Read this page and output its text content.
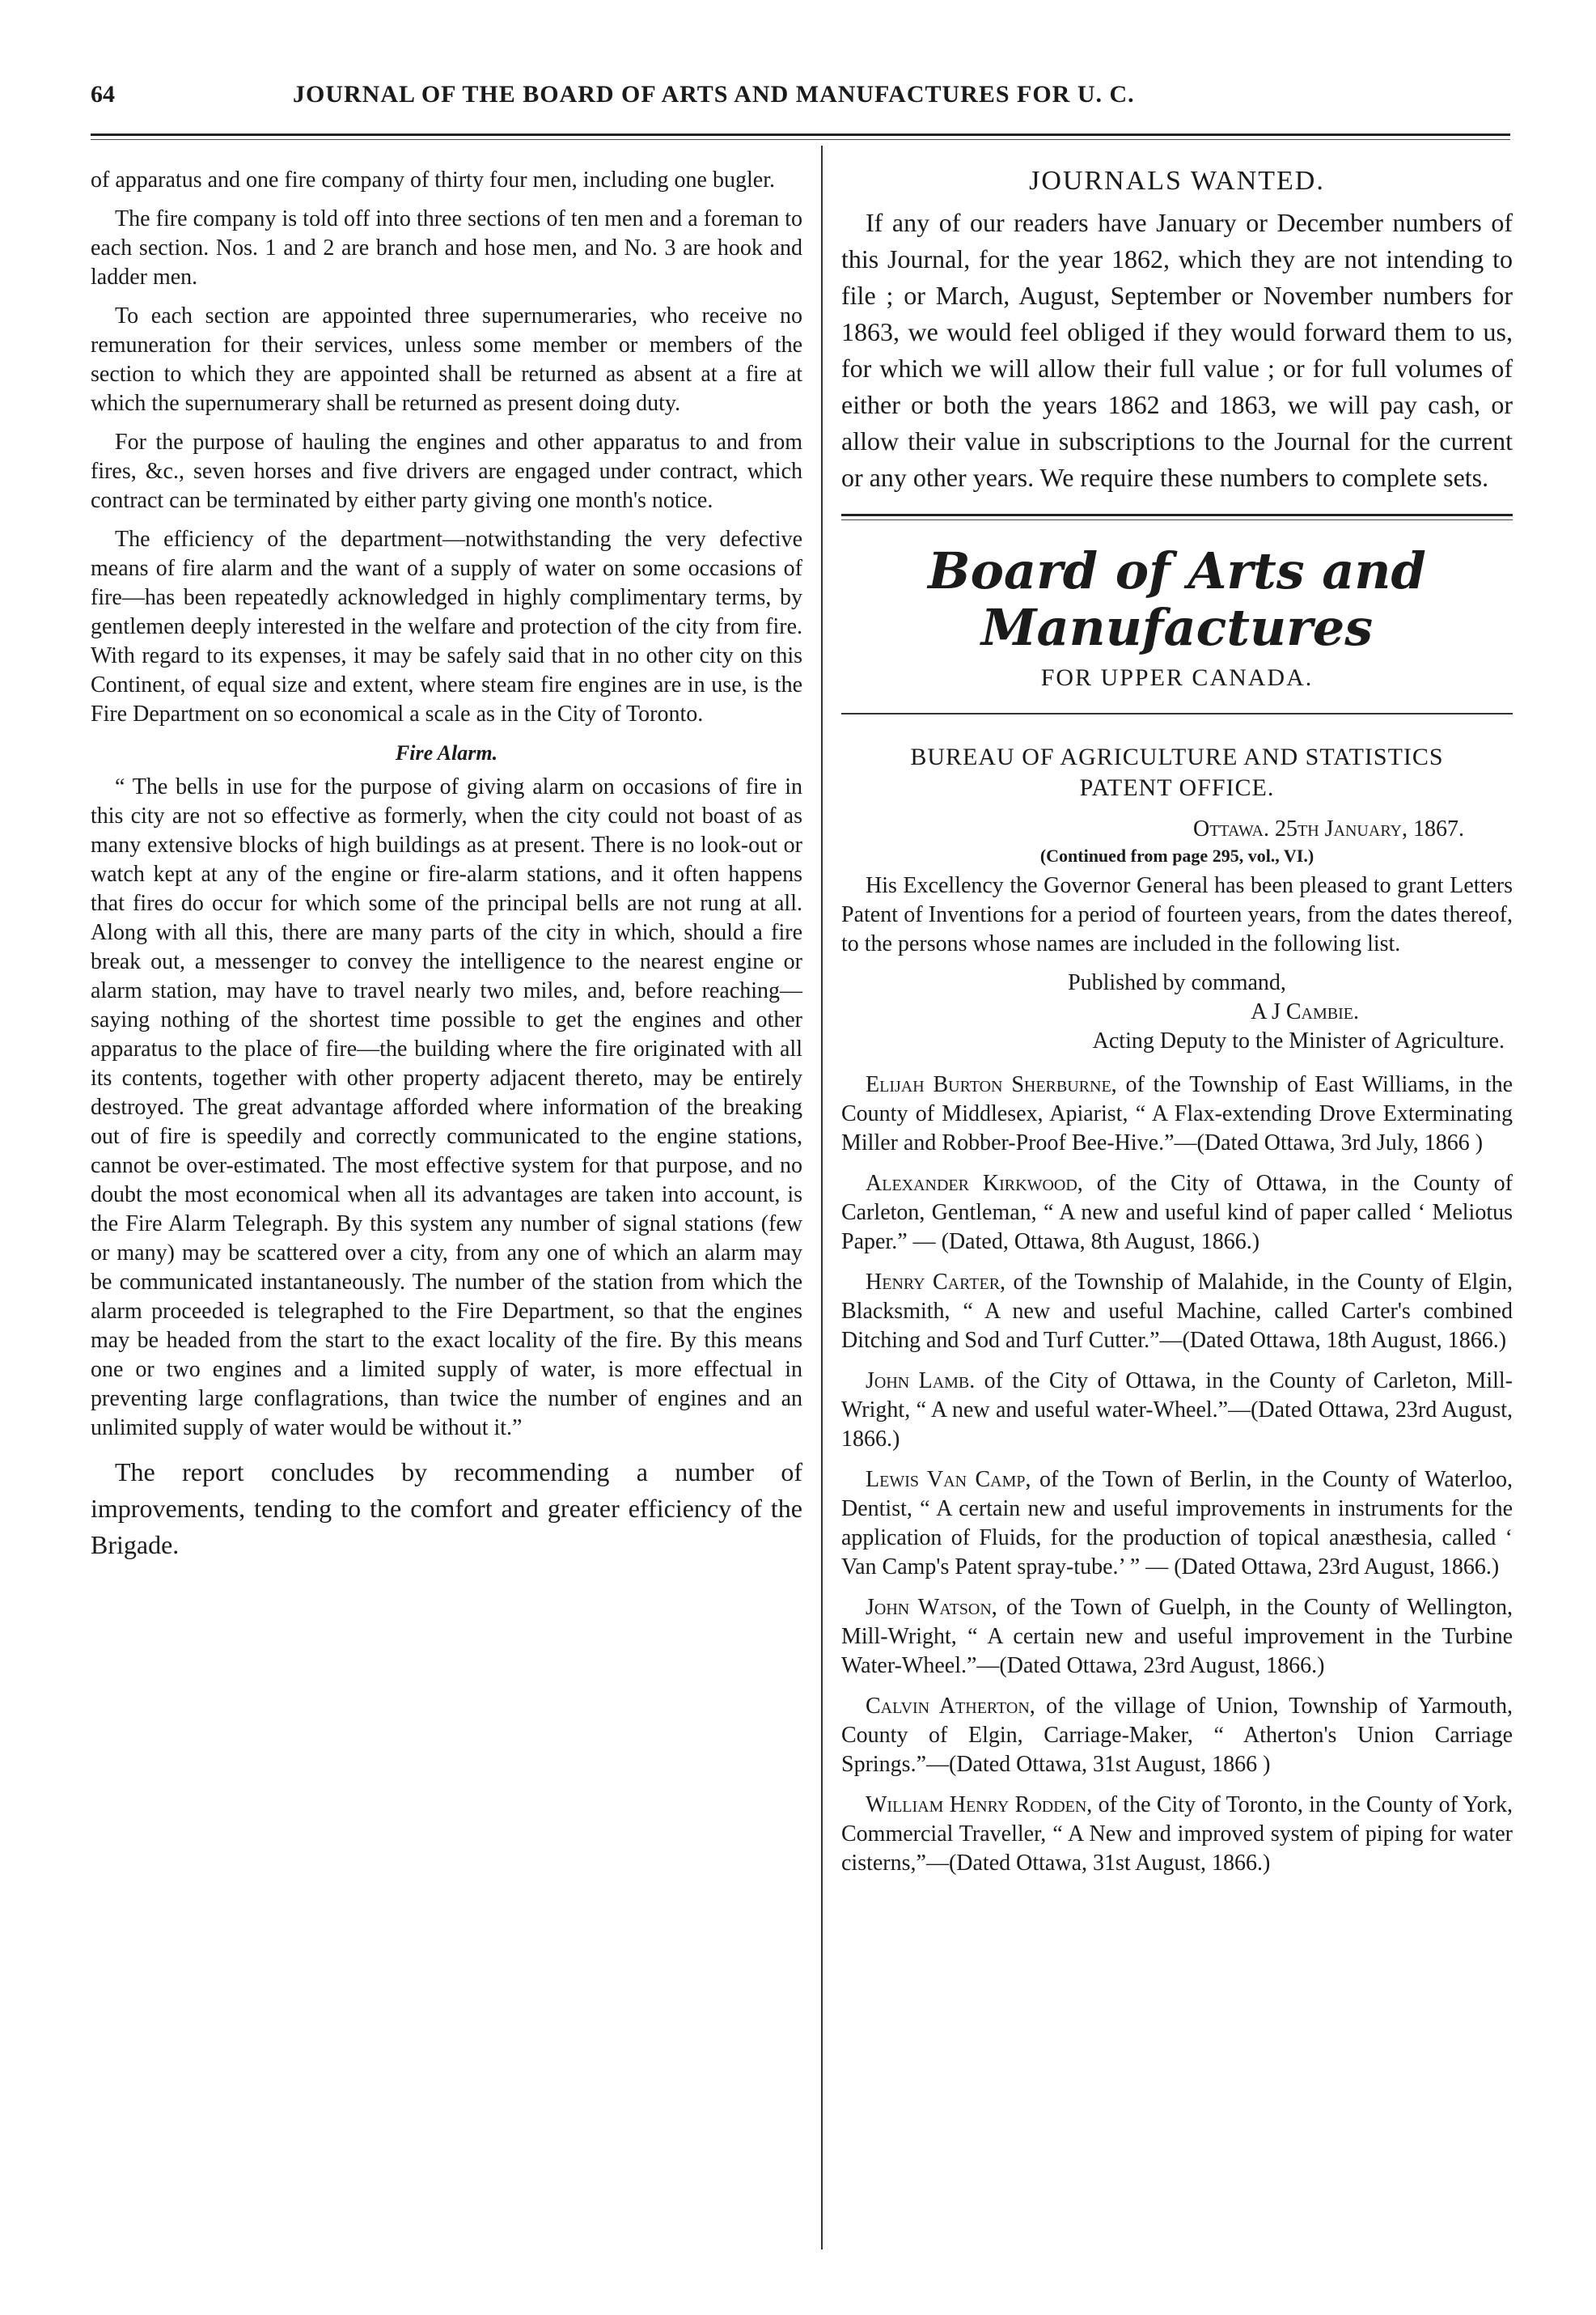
64	JOURNAL OF THE BOARD OF ARTS AND MANUFACTURES FOR U. C.

of apparatus and one fire company of thirty four men, including one bugler.

The fire company is told off into three sections of ten men and a foreman to each section. Nos. 1 and 2 are branch and hose men, and No. 3 are hook and ladder men.

To each section are appointed three supernumeraries, who receive no remuneration for their services, unless some member or members of the section to which they are appointed shall be returned as absent at a fire at which the supernumerary shall be returned as present doing duty.

For the purpose of hauling the engines and other apparatus to and from fires, &c., seven horses and five drivers are engaged under contract, which contract can be terminated by either party giving one month's notice.

The efficiency of the department—notwithstanding the very defective means of fire alarm and the want of a supply of water on some occasions of fire—has been repeatedly acknowledged in highly complimentary terms, by gentlemen deeply interested in the welfare and protection of the city from fire. With regard to its expenses, it may be safely said that in no other city on this Continent, of equal size and extent, where steam fire engines are in use, is the Fire Department on so economical a scale as in the City of Toronto.

Fire Alarm.

“ The bells in use for the purpose of giving alarm on occasions of fire in this city are not so effective as formerly, when the city could not boast of as many extensive blocks of high buildings as at present. There is no look-out or watch kept at any of the engine or fire-alarm stations, and it often happens that fires do occur for which some of the principal bells are not rung at all. Along with all this, there are many parts of the city in which, should a fire break out, a messenger to convey the intelligence to the nearest engine or alarm station, may have to travel nearly two miles, and, before reaching—saying nothing of the shortest time possible to get the engines and other apparatus to the place of fire—the building where the fire originated with all its contents, together with other property adjacent thereto, may be entirely destroyed. The great advantage afforded where information of the breaking out of fire is speedily and correctly communicated to the engine stations, cannot be over-estimated. The most effective system for that purpose, and no doubt the most economical when all its advantages are taken into account, is the Fire Alarm Telegraph. By this system any number of signal stations (few or many) may be scattered over a city, from any one of which an alarm may be communicated instantaneously. The number of the station from which the alarm proceeded is telegraphed to the Fire Department, so that the engines may be headed from the start to the exact locality of the fire. By this means one or two engines and a limited supply of water, is more effectual in preventing large conflagrations, than twice the number of engines and an unlimited supply of water would be without it.”

The report concludes by recommending a number of improvements, tending to the comfort and greater efficiency of the Brigade.

JOURNALS WANTED.

If any of our readers have January or December numbers of this Journal, for the year 1862, which they are not intending to file ; or March, August, September or November numbers for 1863, we would feel obliged if they would forward them to us, for which we will allow their full value ; or for full volumes of either or both the years 1862 and 1863, we will pay cash, or allow their value in subscriptions to the Journal for the current or any other years. We require these numbers to complete sets.

Board of Arts and Manufactures
FOR UPPER CANADA.
BUREAU OF AGRICULTURE AND STATISTICS
PATENT OFFICE.
Ottawa. 25th January, 1867.
(Continued from page 295, vol., VI.)

His Excellency the Governor General has been pleased to grant Letters Patent of Inventions for a period of fourteen years, from the dates thereof, to the persons whose names are included in the following list.

Published by command,

A J Cambie.

Acting Deputy to the Minister of Agriculture.

Elijah Burton Sherburne, of the Township of East Williams, in the County of Middlesex, Apiarist, “ A Flax-extending Drove Exterminating Miller and Robber-Proof Bee-Hive.”—(Dated Ottawa, 3rd July, 1866 )

Alexander Kirkwood, of the City of Ottawa, in the County of Carleton, Gentleman, “ A new and useful kind of paper called ‘ Meliotus Paper.” — (Dated, Ottawa, 8th August, 1866.)

Henry Carter, of the Township of Malahide, in the County of Elgin, Blacksmith, “ A new and useful Machine, called Carter's combined Ditching and Sod and Turf Cutter.”—(Dated Ottawa, 18th August, 1866.)

John Lamb. of the City of Ottawa, in the County of Carleton, Mill-Wright, “ A new and useful water-Wheel.”—(Dated Ottawa, 23rd August, 1866.)

Lewis Van Camp, of the Town of Berlin, in the County of Waterloo, Dentist, “ A certain new and useful improvements in instruments for the application of Fluids, for the production of topical anæsthesia, called ‘ Van Camp's Patent spray-tube.’ ” — (Dated Ottawa, 23rd August, 1866.)

John Watson, of the Town of Guelph, in the County of Wellington, Mill-Wright, “ A certain new and useful improvement in the Turbine Water-Wheel.”—(Dated Ottawa, 23rd August, 1866.)

Calvin Atherton, of the village of Union, Township of Yarmouth, County of Elgin, Carriage-Maker, “ Atherton's Union Carriage Springs.”—(Dated Ottawa, 31st August, 1866 )

William Henry Rodden, of the City of Toronto, in the County of York, Commercial Traveller, “ A New and improved system of piping for water cisterns,”—(Dated Ottawa, 31st August, 1866.)
